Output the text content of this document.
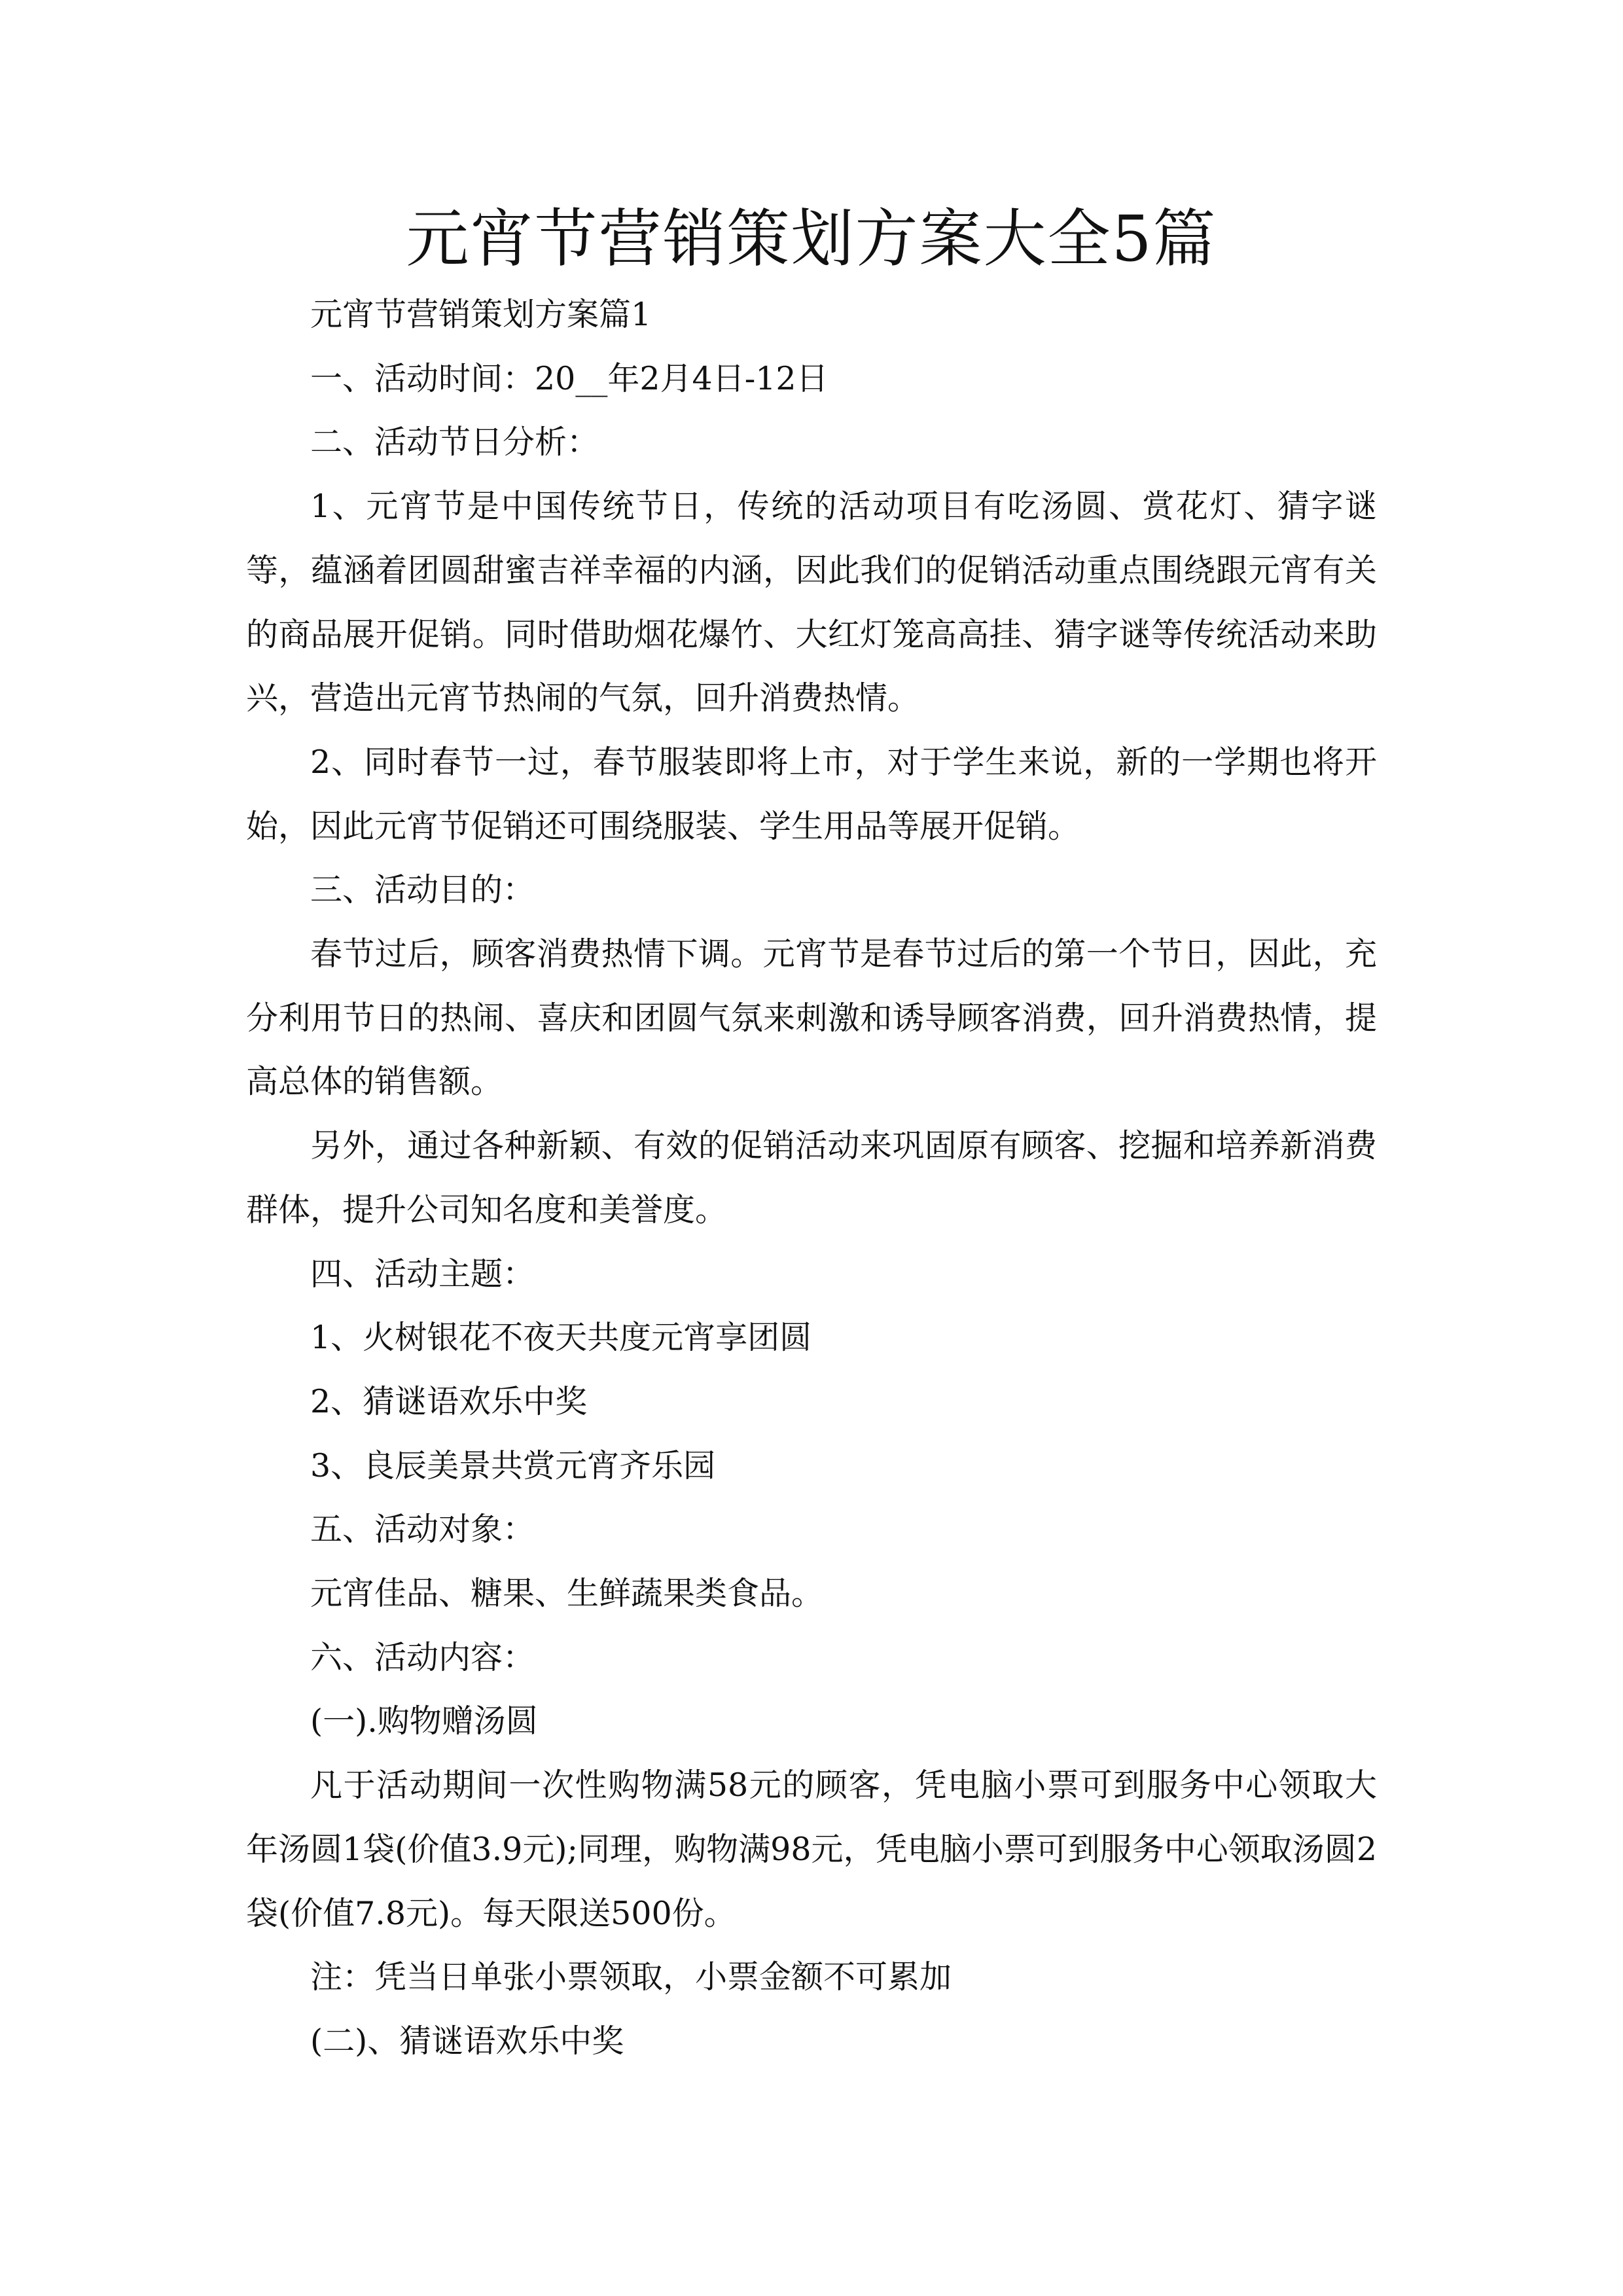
元宵节营销策划方案大全5篇

元宵节营销策划方案篇1

一、活动时间：20__年2月4日-12日

二、活动节日分析：

1、元宵节是中国传统节日，传统的活动项目有吃汤圆、赏花灯、猜字谜等，蕴涵着团圆甜蜜吉祥幸福的内涵，因此我们的促销活动重点围绕跟元宵有关的商品展开促销。同时借助烟花爆竹、大红灯笼高高挂、猜字谜等传统活动来助兴，营造出元宵节热闹的气氛，回升消费热情。

2、同时春节一过，春节服装即将上市，对于学生来说，新的一学期也将开始，因此元宵节促销还可围绕服装、学生用品等展开促销。

三、活动目的：

春节过后，顾客消费热情下调。元宵节是春节过后的第一个节日，因此，充分利用节日的热闹、喜庆和团圆气氛来刺激和诱导顾客消费，回升消费热情，提高总体的销售额。

另外，通过各种新颖、有效的促销活动来巩固原有顾客、挖掘和培养新消费群体，提升公司知名度和美誉度。

四、活动主题：

1、火树银花不夜天共度元宵享团圆

2、猜谜语欢乐中奖

3、良辰美景共赏元宵齐乐园

五、活动对象：

元宵佳品、糖果、生鲜蔬果类食品。

六、活动内容：

(一).购物赠汤圆

凡于活动期间一次性购物满58元的顾客，凭电脑小票可到服务中心领取大年汤圆1袋(价值3.9元);同理，购物满98元，凭电脑小票可到服务中心领取汤圆2袋(价值7.8元)。每天限送500份。

注：凭当日单张小票领取，小票金额不可累加

(二)、猜谜语欢乐中奖
